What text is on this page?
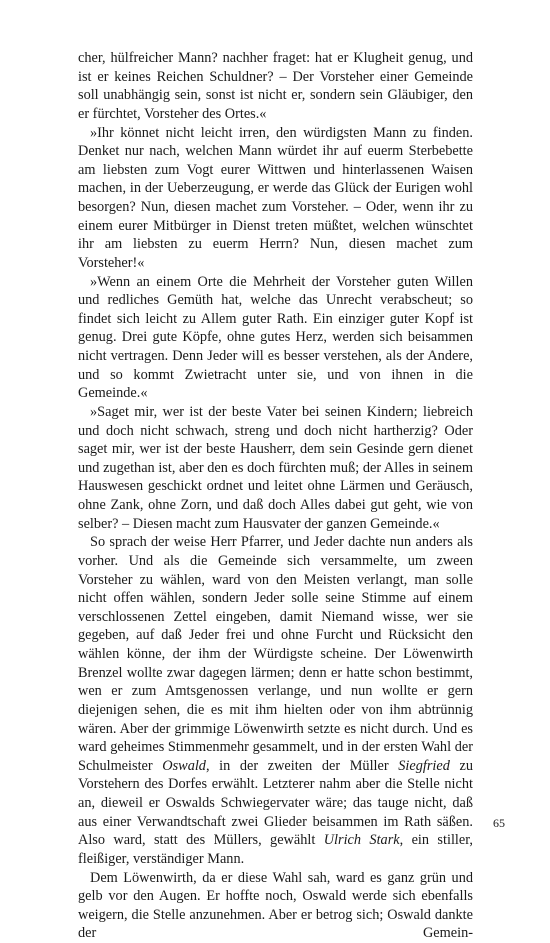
cher, hülfreicher Mann? nachher fraget: hat er Klugheit genug, und ist er keines Reichen Schuldner? – Der Vorsteher einer Gemeinde soll unabhängig sein, sonst ist nicht er, sondern sein Gläubiger, den er fürchtet, Vorsteher des Ortes.«

»Ihr könnet nicht leicht irren, den würdigsten Mann zu finden. Denket nur nach, welchen Mann würdet ihr auf euerm Sterbebette am liebsten zum Vogt eurer Wittwen und hinterlassenen Waisen machen, in der Ueberzeugung, er werde das Glück der Eurigen wohl besorgen? Nun, diesen machet zum Vorsteher. – Oder, wenn ihr zu einem eurer Mitbürger in Dienst treten müßtet, welchen wünschtet ihr am liebsten zu euerm Herrn? Nun, diesen machet zum Vorsteher!«

»Wenn an einem Orte die Mehrheit der Vorsteher guten Willen und redliches Gemüth hat, welche das Unrecht verabscheut; so findet sich leicht zu Allem guter Rath. Ein einziger guter Kopf ist genug. Drei gute Köpfe, ohne gutes Herz, werden sich beisammen nicht vertragen. Denn Jeder will es besser verstehen, als der Andere, und so kommt Zwietracht unter sie, und von ihnen in die Gemeinde.«

»Saget mir, wer ist der beste Vater bei seinen Kindern; liebreich und doch nicht schwach, streng und doch nicht hartherzig? Oder saget mir, wer ist der beste Hausherr, dem sein Gesinde gern dienet und zugethan ist, aber den es doch fürchten muß; der Alles in seinem Hauswesen geschickt ordnet und leitet ohne Lärmen und Geräusch, ohne Zank, ohne Zorn, und daß doch Alles dabei gut geht, wie von selber? – Diesen macht zum Hausvater der ganzen Gemeinde.«

So sprach der weise Herr Pfarrer, und Jeder dachte nun anders als vorher. Und als die Gemeinde sich versammelte, um zween Vorsteher zu wählen, ward von den Meisten verlangt, man solle nicht offen wählen, sondern Jeder solle seine Stimme auf einem verschlossenen Zettel eingeben, damit Niemand wisse, wer sie gegeben, auf daß Jeder frei und ohne Furcht und Rücksicht den wählen könne, der ihm der Würdigste scheine. Der Löwenwirth Brenzel wollte zwar dagegen lärmen; denn er hatte schon bestimmt, wen er zum Amtsgenossen verlange, und nun wollte er gern diejenigen sehen, die es mit ihm hielten oder von ihm abtrünnig wären. Aber der grimmige Löwenwirth setzte es nicht durch. Und es ward geheimes Stimmenmehr gesammelt, und in der ersten Wahl der Schulmeister Oswald, in der zweiten der Müller Siegfried zu Vorstehern des Dorfes erwählt. Letzterer nahm aber die Stelle nicht an, dieweil er Oswalds Schwiegervater wäre; das tauge nicht, daß aus einer Verwandtschaft zwei Glieder beisammen im Rath säßen. Also ward, statt des Müllers, gewählt Ulrich Stark, ein stiller, fleißiger, verständiger Mann.

Dem Löwenwirth, da er diese Wahl sah, ward es ganz grün und gelb vor den Augen. Er hoffte noch, Oswald werde sich ebenfalls weigern, die Stelle anzunehmen. Aber er betrog sich; Oswald dankte der Gemein-

65
